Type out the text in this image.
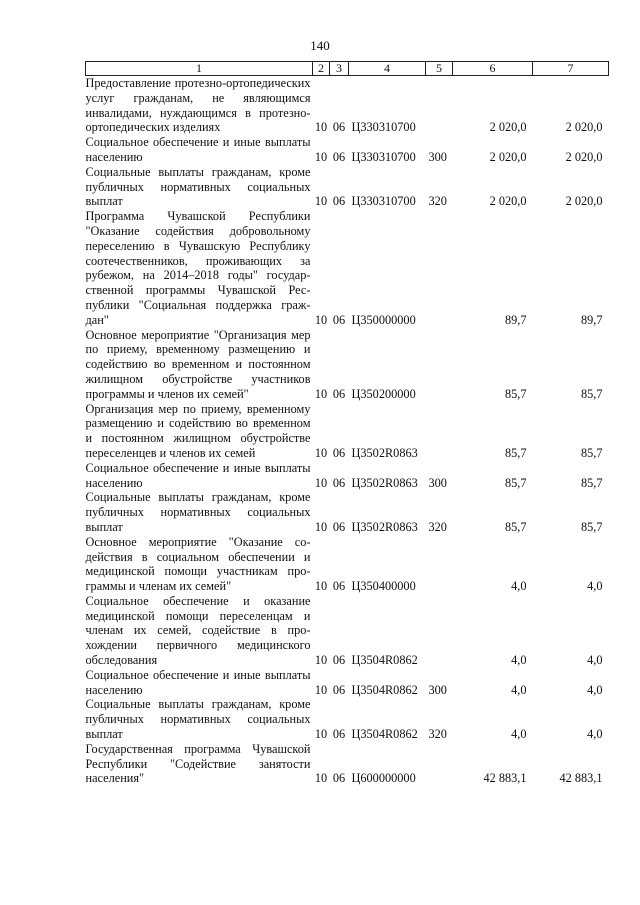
140
1	2	3	4	5	6	7

Предоставление протезно-ортопедических услуг гражданам, не являющимся инвалидами, нуждающимся в протезно-ортопедических изделиях	10	06	Ц330310700		2 020,0	2 020,0

Социальное обеспечение и иные выплаты населению	10	06	Ц330310700	300	2 020,0	2 020,0

Социальные выплаты гражданам, кроме публичных нормативных социальных выплат	10	06	Ц330310700	320	2 020,0	2 020,0

Программа Чувашской Республики "Оказание содействия добровольному переселению в Чувашскую Республику соотечественников, проживающих за рубежом, на 2014–2018 годы" государственной программы Чувашской Республики "Социальная поддержка граждан"	10	06	Ц350000000		89,7	89,7

Основное мероприятие "Организация мер по приему, временному размещению и содействию во временном и постоянном жилищном обустройстве участников программы и членов их семей"	10	06	Ц350200000		85,7	85,7

Организация мер по приему, временному размещению и содействию во временном и постоянном жилищном обустройстве переселенцев и членов их семей	10	06	Ц3502R0863		85,7	85,7

Социальное обеспечение и иные выплаты населению	10	06	Ц3502R0863	300	85,7	85,7

Социальные выплаты гражданам, кроме публичных нормативных социальных выплат	10	06	Ц3502R0863	320	85,7	85,7

Основное мероприятие "Оказание содействия в социальном обеспечении и медицинской помощи участникам программы и членам их семей"	10	06	Ц350400000		4,0	4,0

Социальное обеспечение и оказание медицинской помощи переселенцам и членам их семей, содействие в прохождении первичного медицинского обследования	10	06	Ц3504R0862		4,0	4,0

Социальное обеспечение и иные выплаты населению	10	06	Ц3504R0862	300	4,0	4,0

Социальные выплаты гражданам, кроме публичных нормативных социальных выплат	10	06	Ц3504R0862	320	4,0	4,0

Государственная программа Чувашской Республики "Содействие занятости населения"	10	06	Ц600000000		42 883,1	42 883,1
